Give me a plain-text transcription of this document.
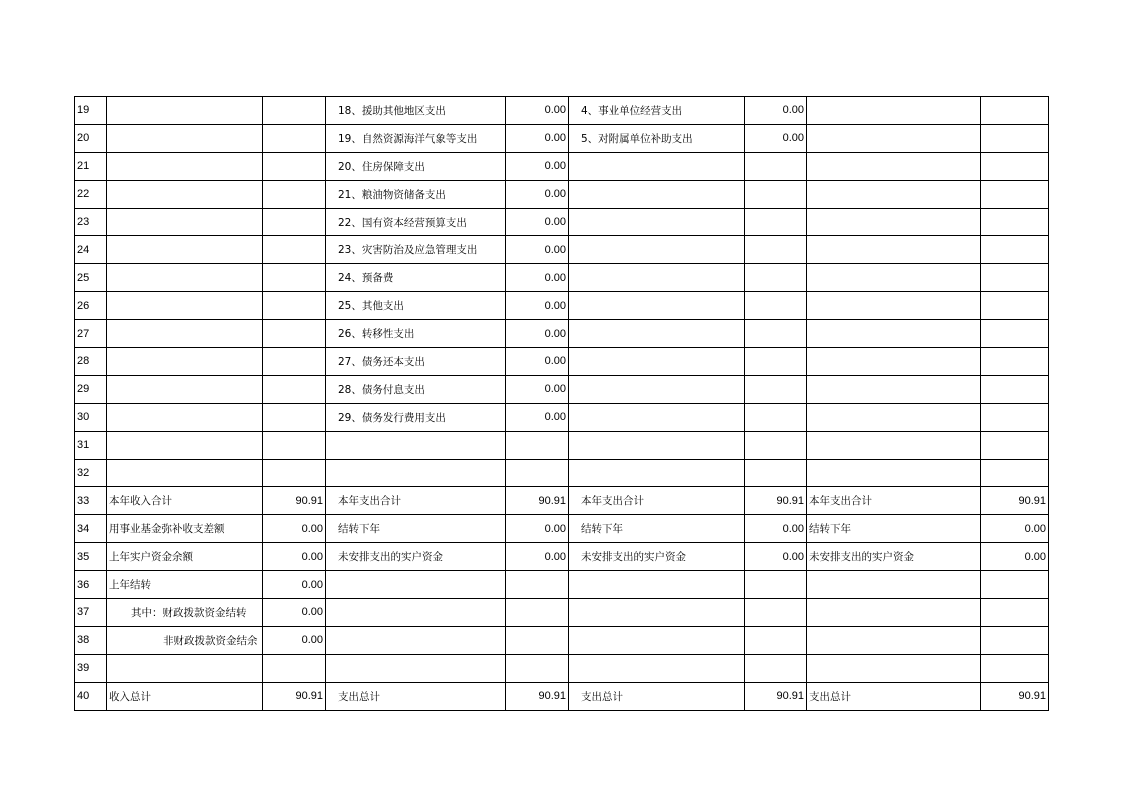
19			18、援助其他地区支出	0.00	4、事业单位经营支出	0.00		
20			19、自然资源海洋气象等支出	0.00	5、对附属单位补助支出	0.00		
21			20、住房保障支出	0.00				
22			21、粮油物资储备支出	0.00				
23			22、国有资本经营预算支出	0.00				
24			23、灾害防治及应急管理支出	0.00				
25			24、预备费	0.00				
26			25、其他支出	0.00				
27			26、转移性支出	0.00				
28			27、债务还本支出	0.00				
29			28、债务付息支出	0.00				
30			29、债务发行费用支出	0.00				
31								
32								
33	本年收入合计	90.91	本年支出合计	90.91	本年支出合计	90.91	本年支出合计	90.91
34	用事业基金弥补收支差额	0.00	结转下年	0.00	结转下年	0.00	结转下年	0.00
35	上年实户资金余额	0.00	未安排支出的实户资金	0.00	未安排支出的实户资金	0.00	未安排支出的实户资金	0.00
36	上年结转	0.00						
37	其中：财政拨款资金结转	0.00						
38	非财政拨款资金结余	0.00						
39								
40	收入总计	90.91	支出总计	90.91	支出总计	90.91	支出总计	90.91
